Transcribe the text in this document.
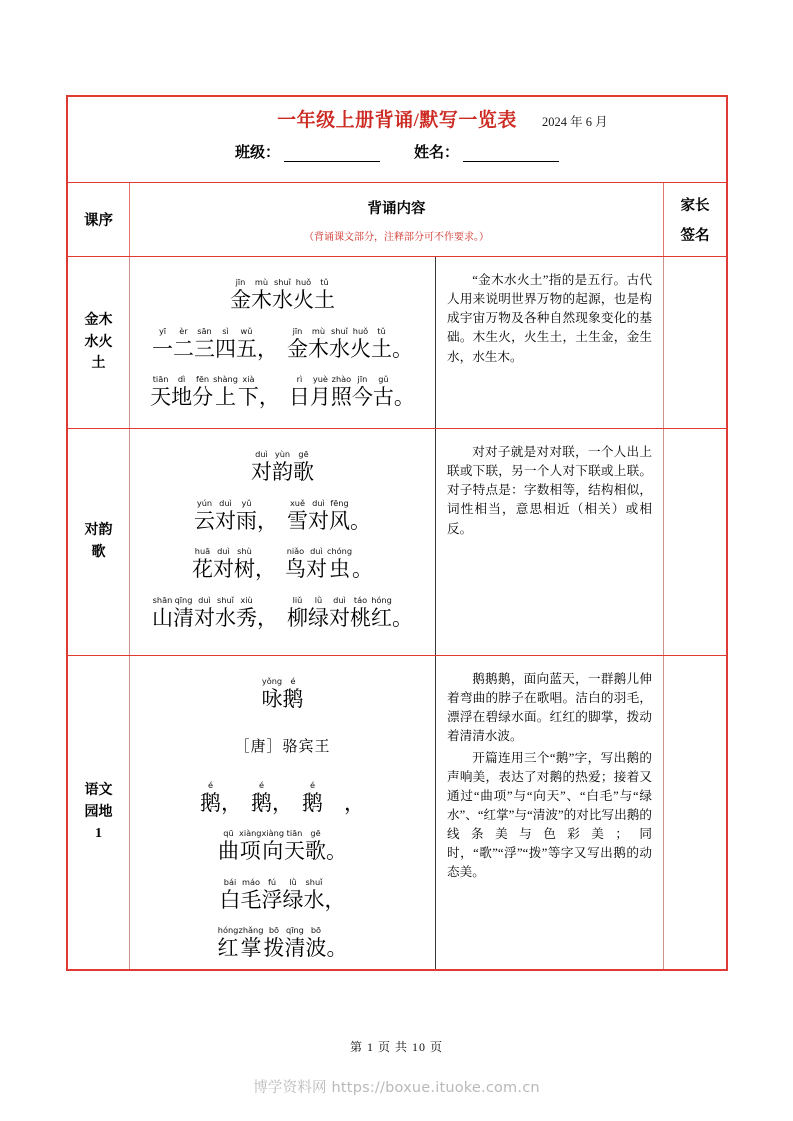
一年级上册背诵/默写一览表 2024 年 6 月
班级：	姓名：
课序
背诵内容
（背诵课文部分，注释部分可不作要求。）
家长
签名
金木
水火
土
jīn
金
mù
木
shuǐ
水
huǒ
火
tǔ
土
yī
一
èr
二
sān
三
sì
四
wǔ
五 ，
jīn
金
mù
木
shuǐ
水
huǒ
火
tǔ
土 。
tiān
天
dì
地
fēn
分
shàng
上
xià
下 ，
rì
日
yuè
月
zhào
照
jīn
今
gǔ
古 。

“金木水火土”指的是五行。古代人用来说明世界万物的起源，也是构成宇宙万物及各种自然现象变化的基础。木生火，火生土，土生金，金生水，水生木。

对韵
歌
duì
对
yùn
韵
gē
歌
yún
云
duì
对
yǔ
雨 ，
xuě
雪
duì
对
fēng
风 。
huā
花
duì
对
shù
树 ，
niǎo
鸟
duì
对
chóng
虫 。
shān
山
qīng
清
duì
对
shuǐ
水
xiù
秀 ，
liǔ
柳
lǜ
绿
duì
对
táo
桃
hóng
红 。

对对子就是对对联，一个人出上联或下联，另一个人对下联或上联。对子特点是：字数相等，结构相似，词性相当，意思相近（相关）或相反。

语文
园地
1
yǒng
咏
é
鹅
［唐］骆宾王
é
鹅 ，
é
鹅 ，
é
鹅
　 ，
qū
曲
xiàng
项
xiàng
向
tiān
天
gē
歌 。
bái
白
máo
毛
fú
浮
lǜ
绿
shuǐ
水 ，
hóng
红
zhǎng
掌
bō
拨
qīng
清
bō
波 。

鹅鹅鹅，面向蓝天，一群鹅儿伸着弯曲的脖子在歌唱。洁白的羽毛，漂浮在碧绿水面。红红的脚掌，拨动着清清水波。

开篇连用三个“鹅”字，写出鹅的声响美，表达了对鹅的热爱；接着又通过“曲项”与“向天”、“白毛”与“绿水”、“红掌”与“清波”的对比写出鹅的线条美与色彩美；同时，“歌”“浮”“拨”等字又写出鹅的动态美。

第 1 页 共 10 页
博学资料网 https://boxue.ituoke.com.cn
